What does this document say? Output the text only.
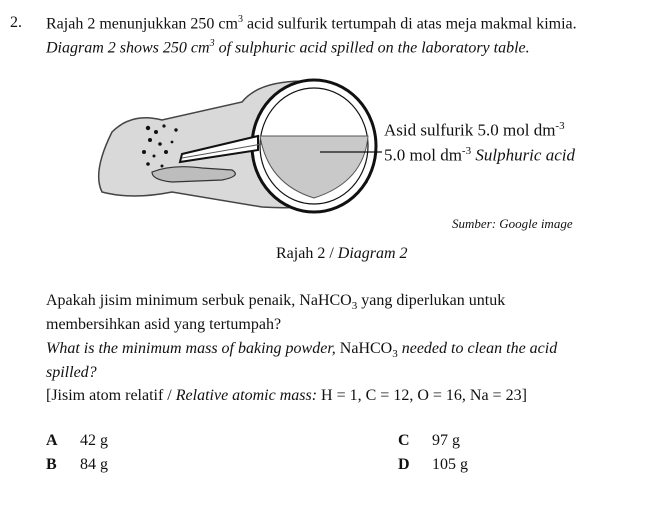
2. Rajah 2 menunjukkan 250 $cm^3$ acid sulfurik tertumpah di atas meja makmal kimia.
Diagram 2 shows 250 $cm^3$ of sulphuric acid spilled on the laboratory table.
Asid sulfurik 5.0 mol $dm^{-3}$
5.0 mol $dm^{-3}$ Sulphuric acid
Sumber: Google image
Rajah 2 / Diagram 2
Apakah jisim minimum serbuk penaik, NaHCO$_3$ yang diperlukan untuk
membersihkan asid yang tertumpah?
What is the minimum mass of baking powder, NaHCO$_3$ needed to clean the acid
spilled?
[Jisim atom relatif / Relative atomic mass: H = 1, C = 12, O = 16, Na = 23]
A 42 g
B 84 g
C 97 g
D 105 g
